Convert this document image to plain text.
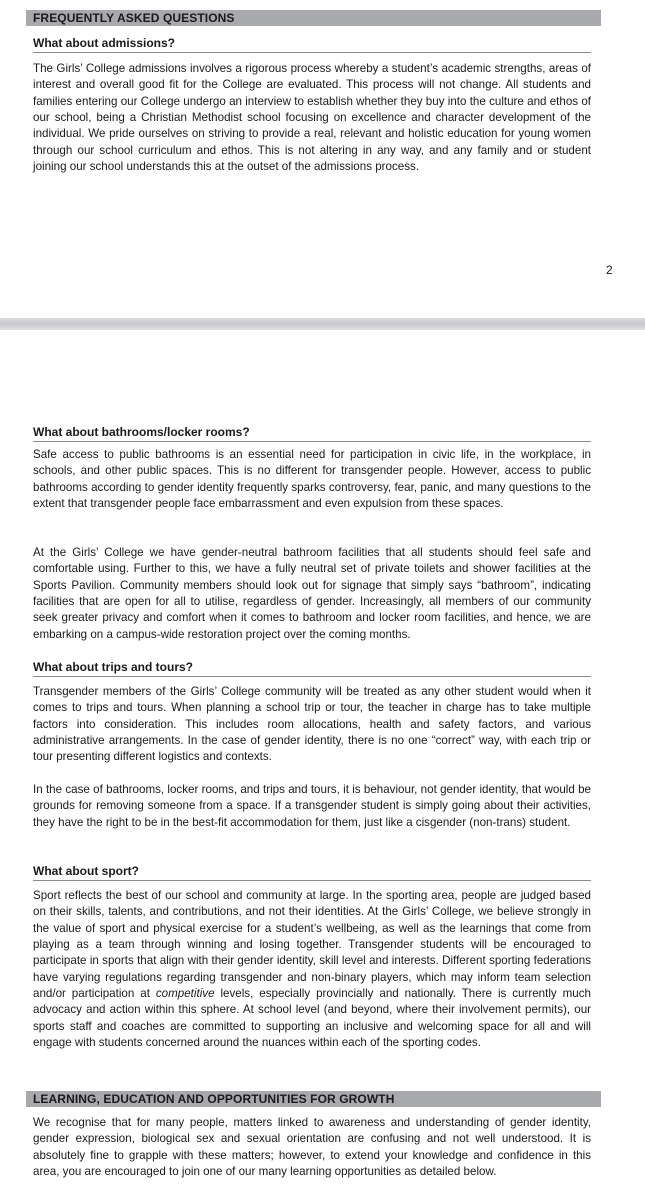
FREQUENTLY ASKED QUESTIONS
What about admissions?

The Girls’ College admissions involves a rigorous process whereby a student’s academic strengths, areas of interest and overall good fit for the College are evaluated. This process will not change. All students and families entering our College undergo an interview to establish whether they buy into the culture and ethos of our school, being a Christian Methodist school focusing on excellence and character development of the individual. We pride ourselves on striving to provide a real, relevant and holistic education for young women through our school curriculum and ethos. This is not altering in any way, and any family and or student joining our school understands this at the outset of the admissions process.

2
What about bathrooms/locker rooms?

Safe access to public bathrooms is an essential need for participation in civic life, in the workplace, in schools, and other public spaces. This is no different for transgender people. However, access to public bathrooms according to gender identity frequently sparks controversy, fear, panic, and many questions to the extent that transgender people face embarrassment and even expulsion from these spaces.

At the Girls’ College we have gender-neutral bathroom facilities that all students should feel safe and comfortable using. Further to this, we have a fully neutral set of private toilets and shower facilities at the Sports Pavilion. Community members should look out for signage that simply says “bathroom”, indicating facilities that are open for all to utilise, regardless of gender. Increasingly, all members of our community seek greater privacy and comfort when it comes to bathroom and locker room facilities, and hence, we are embarking on a campus-wide restoration project over the coming months.

What about trips and tours?

Transgender members of the Girls’ College community will be treated as any other student would when it comes to trips and tours. When planning a school trip or tour, the teacher in charge has to take multiple factors into consideration. This includes room allocations, health and safety factors, and various administrative arrangements. In the case of gender identity, there is no one “correct” way, with each trip or tour presenting different logistics and contexts.

In the case of bathrooms, locker rooms, and trips and tours, it is behaviour, not gender identity, that would be grounds for removing someone from a space. If a transgender student is simply going about their activities, they have the right to be in the best-fit accommodation for them, just like a cisgender (non-trans) student.

What about sport?

Sport reflects the best of our school and community at large. In the sporting area, people are judged based on their skills, talents, and contributions, and not their identities. At the Girls’ College, we believe strongly in the value of sport and physical exercise for a student’s wellbeing, as well as the learnings that come from playing as a team through winning and losing together. Transgender students will be encouraged to participate in sports that align with their gender identity, skill level and interests. Different sporting federations have varying regulations regarding transgender and non-binary players, which may inform team selection and/or participation at competitive levels, especially provincially and nationally. There is currently much advocacy and action within this sphere. At school level (and beyond, where their involvement permits), our sports staff and coaches are committed to supporting an inclusive and welcoming space for all and will engage with students concerned around the nuances within each of the sporting codes.

LEARNING, EDUCATION AND OPPORTUNITIES FOR GROWTH

We recognise that for many people, matters linked to awareness and understanding of gender identity, gender expression, biological sex and sexual orientation are confusing and not well understood. It is absolutely fine to grapple with these matters; however, to extend your knowledge and confidence in this area, you are encouraged to join one of our many learning opportunities as detailed below.
